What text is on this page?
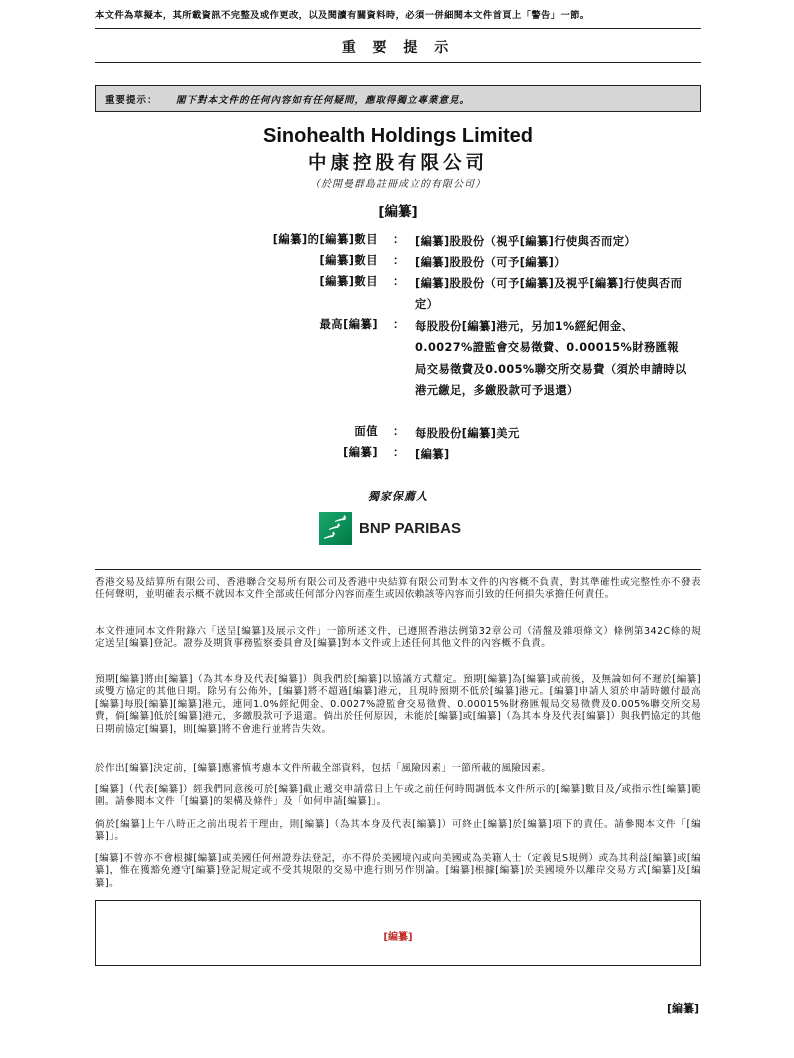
本文件為草擬本，其所載資訊不完整及或作更改，以及閱讀有關資料時，必須一併細閱本文件首頁上「警告」一節。
重 要 提 示
重要提示： 閣下對本文件的任何內容如有任何疑問，應取得獨立專業意見。
Sinohealth Holdings Limited
中康控股有限公司
（於開曼群島註冊成立的有限公司）
[編纂]
[編纂]的[編纂]數目 ： [編纂]股股份（視乎[編纂]行使與否而定）
[編纂]數目 ： [編纂]股股份（可予[編纂]）
[編纂]數目 ： [編纂]股股份（可予[編纂]及視乎[編纂]行使與否而定）
最高[編纂] ： 每股股份[編纂]港元，另加1%經紀佣金、0.0027%證監會交易徵費、0.00015%財務匯報局交易徵費及0.005%聯交所交易費（須於申請時以港元繳足，多繳股款可予退還）
面值 ： 每股股份[編纂]美元
[編纂] ： [編纂]
獨家保薦人
BNP PARIBAS

香港交易及結算所有限公司、香港聯合交易所有限公司及香港中央結算有限公司對本文件的內容概不負責，對其準確性或完整性亦不發表任何聲明，並明確表示概不就因本文件全部或任何部分內容而產生或因依賴該等內容而引致的任何損失承擔任何責任。

本文件連同本文件附錄六「送呈[編纂]及展示文件」一節所述文件，已遵照香港法例第32章公司（清盤及雜項條文）條例第342C條的規定送呈[編纂]登記。證券及期貨事務監察委員會及[編纂]對本文件或上述任何其他文件的內容概不負責。

預期[編纂]將由[編纂]（為其本身及代表[編纂]）與我們於[編纂]以協議方式釐定。預期[編纂]為[編纂]或前後，及無論如何不遲於[編纂]或雙方協定的其他日期。除另有公佈外，[編纂]將不超過[編纂]港元，且現時預期不低於[編纂]港元。[編纂]申請人須於申請時繳付最高[編纂]每股[編纂][編纂]港元，連同1.0%經紀佣金、0.0027%證監會交易徵費、0.00015%財務匯報局交易徵費及0.005%聯交所交易費，倘[編纂]低於[編纂]港元，多繳股款可予退還。倘出於任何原因，未能於[編纂]或[編纂]（為其本身及代表[編纂]）與我們協定的其他日期前協定[編纂]，則[編纂]將不會進行並將告失效。

於作出[編纂]決定前，[編纂]應審慎考慮本文件所載全部資料，包括「風險因素」一節所載的風險因素。

[編纂]（代表[編纂]）經我們同意後可於[編纂]截止遞交申請當日上午或之前任何時間調低本文件所示的[編纂]數目及╱或指示性[編纂]範圍。請參閱本文件「[編纂]的架構及條件」及「如何申請[編纂]」。

倘於[編纂]上午八時正之前出現若干理由，則[編纂]（為其本身及代表[編纂]）可終止[編纂]於[編纂]項下的責任。請參閱本文件「[編纂]」。

[編纂]不曾亦不會根據[編纂]或美國任何州證券法登記，亦不得於美國境內或向美國或為美籍人士（定義見S規例）或為其利益[編纂]或[編纂]，惟在獲豁免遵守[編纂]登記規定或不受其規限的交易中進行則另作別論。[編纂]根據[編纂]於美國境外以離岸交易方式[編纂]及[編纂]。

[編纂]
[編纂]
